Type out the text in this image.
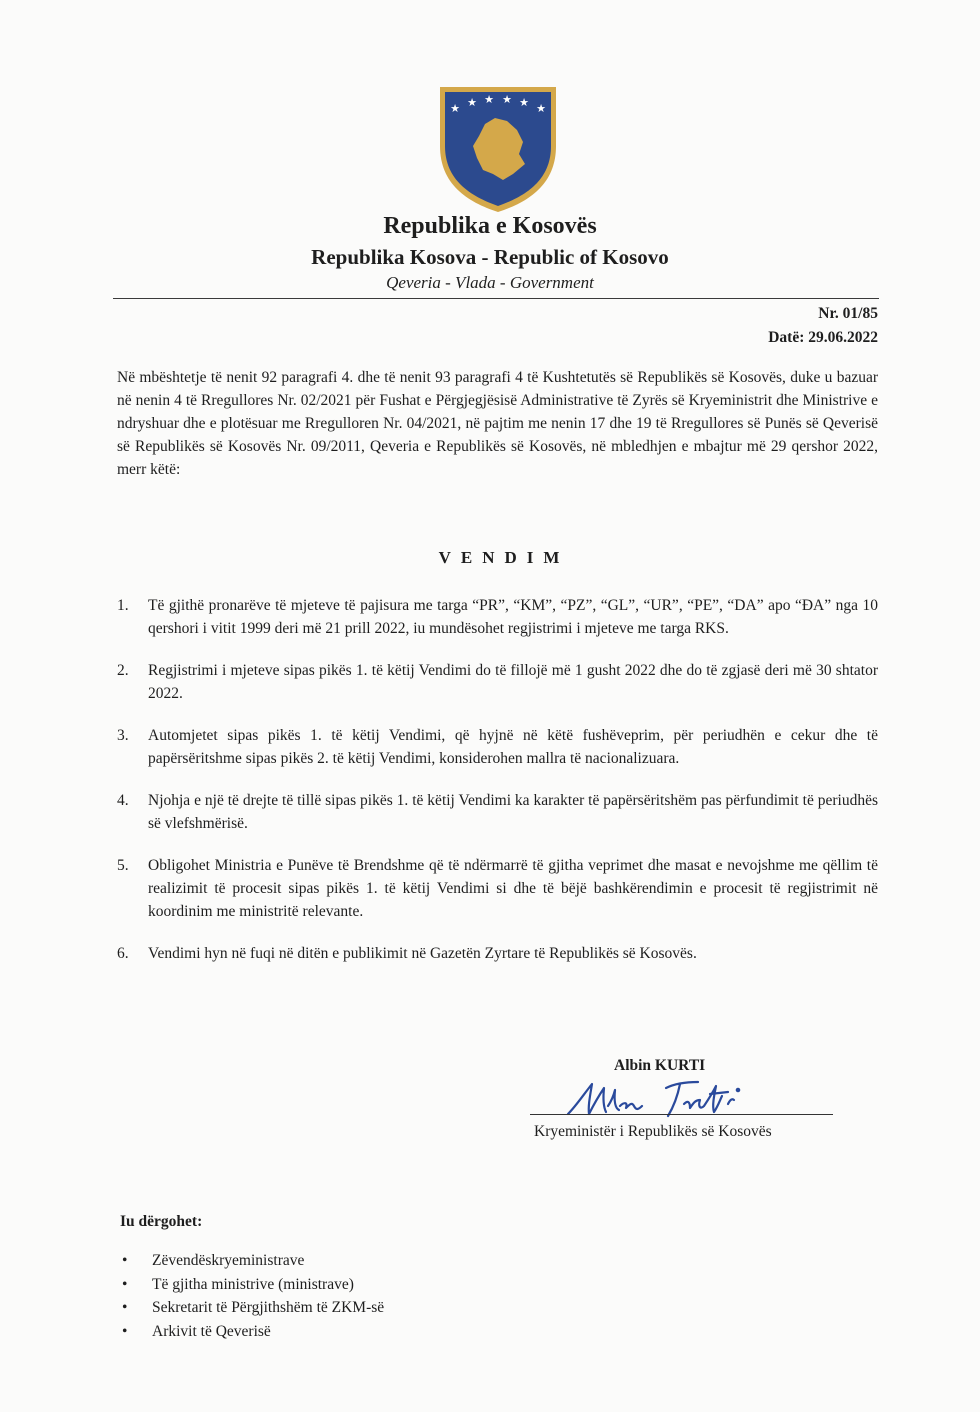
★ ★ ★ ★ ★ ★
Republika e Kosovës
Republika Kosova - Republic of Kosovo
Qeveria - Vlada - Government
Nr. 01/85
Datë: 29.06.2022
Në mbështetje të nenit 92 paragrafi 4. dhe të nenit 93 paragrafi 4 të Kushtetutës së Republikës së Kosovës, duke u bazuar në nenin 4 të Rregullores Nr. 02/2021 për Fushat e Përgjegjësisë Administrative të Zyrës së Kryeministrit dhe Ministrive e ndryshuar dhe e plotësuar me Rregulloren Nr. 04/2021, në pajtim me nenin 17 dhe 19 të Rregullores së Punës së Qeverisë së Republikës së Kosovës Nr. 09/2011, Qeveria e Republikës së Kosovës, në mbledhjen e mbajtur më 29 qershor 2022, merr këtë:
VENDIM
1. Të gjithë pronarëve të mjeteve të pajisura me targa “PR”, “KM”, “PZ”, “GL”, “UR”, “PE”, “DA” apo “ĐA” nga 10 qershori i vitit 1999 deri më 21 prill 2022, iu mundësohet regjistrimi i mjeteve me targa RKS.
2. Regjistrimi i mjeteve sipas pikës 1. të këtij Vendimi do të fillojë më 1 gusht 2022 dhe do të zgjasë deri më 30 shtator 2022.
3. Automjetet sipas pikës 1. të këtij Vendimi, që hyjnë në këtë fushëveprim, për periudhën e cekur dhe të papërsëritshme sipas pikës 2. të këtij Vendimi, konsiderohen mallra të nacionalizuara.
4. Njohja e një të drejte të tillë sipas pikës 1. të këtij Vendimi ka karakter të papërsëritshëm pas përfundimit të periudhës së vlefshmërisë.
5. Obligohet Ministria e Punëve të Brendshme që të ndërmarrë të gjitha veprimet dhe masat e nevojshme me qëllim të realizimit të procesit sipas pikës 1. të këtij Vendimi si dhe të bëjë bashkërendimin e procesit të regjistrimit në koordinim me ministritë relevante.
6. Vendimi hyn në fuqi në ditën e publikimit në Gazetën Zyrtare të Republikës së Kosovës.
Albin KURTI
Kryeministër i Republikës së Kosovës
Iu dërgohet:
• Zëvendëskryeministrave
• Të gjitha ministrive (ministrave)
• Sekretarit të Përgjithshëm të ZKM-së
• Arkivit të Qeverisë
